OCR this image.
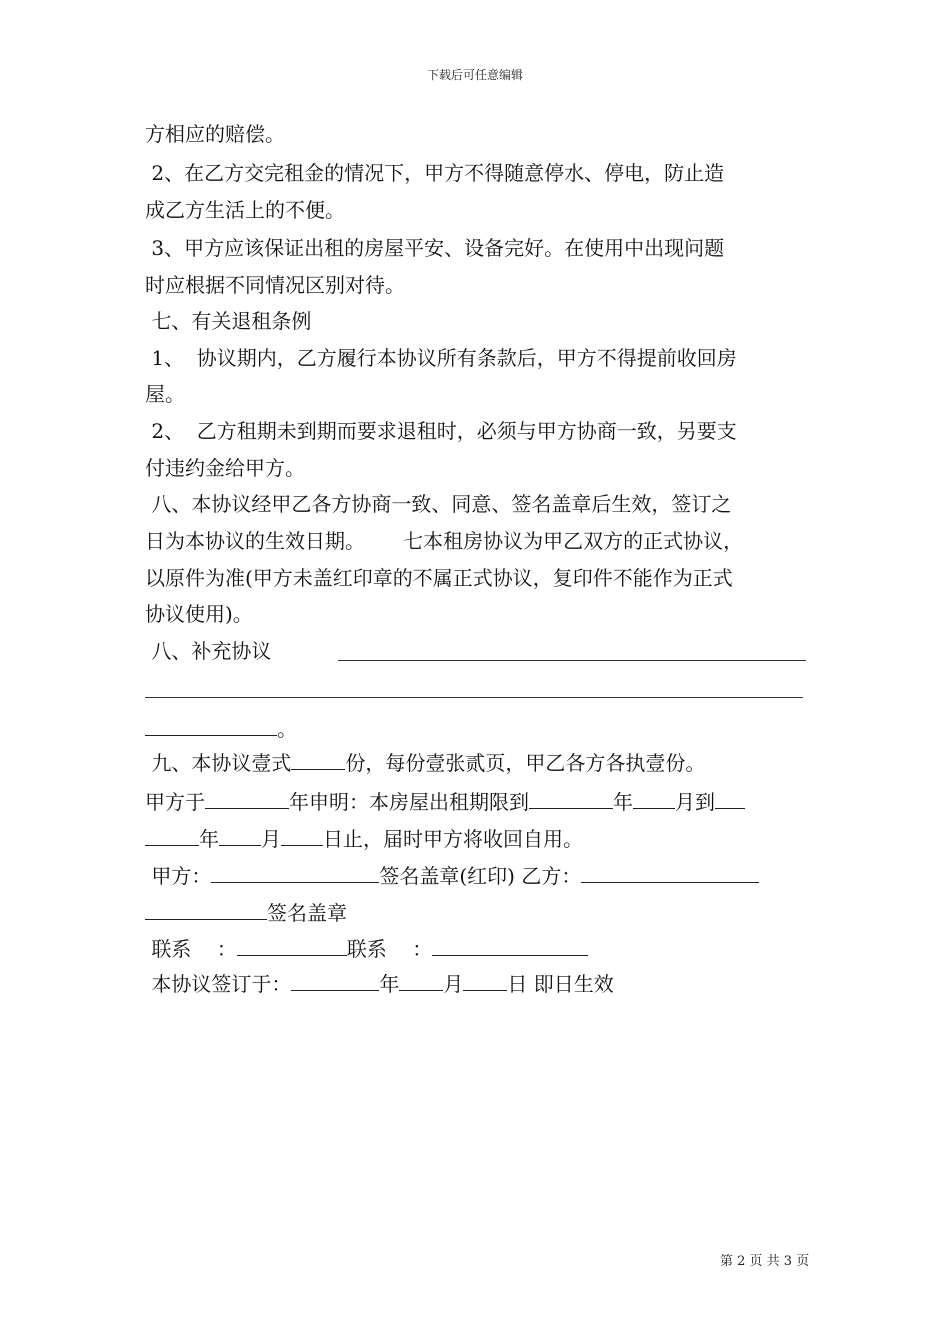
下载后可任意编辑
方相应的赔偿。
2、在乙方交完租金的情况下，甲方不得随意停水、停电，防止造
成乙方生活上的不便。
3、甲方应该保证出租的房屋平安、设备完好。在使用中出现问题
时应根据不同情况区别对待。
七、有关退租条例
1、  协议期内，乙方履行本协议所有条款后，甲方不得提前收回房
屋。
2、  乙方租期未到期而要求退租时，必须与甲方协商一致，另要支
付违约金给甲方。
八、本协议经甲乙各方协商一致、同意、签名盖章后生效，签订之
日为本协议的生效日期。      七本租房协议为甲乙双方的正式协议，
以原件为准(甲方未盖红印章的不属正式协议，复印件不能作为正式
协议使用)。
八、补充协议
。
九、本协议壹式	份，每份壹张贰页，甲乙各方各执壹份。
甲方于	年申明：本房屋出租期限到	年 月到
年 月 日止，届时甲方将收回自用。
甲方：	签名盖章(红印) 乙方：
签名盖章
联系    ：	联系    ：
本协议签订于：	年 月 日 即日生效
第 2 页 共 3 页
